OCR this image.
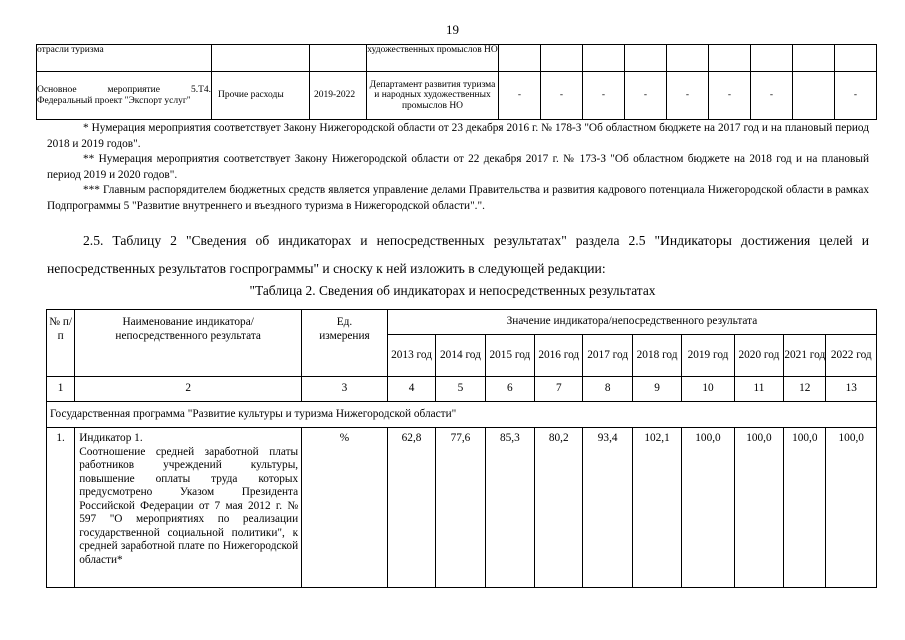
19
отрасли туризма			художественных промыслов НО									
Основное мероприятие 5.Т4. Федеральный проект "Экспорт услуг"	Прочие расходы	2019-2022	Департамент развития туризма и народных художественных промыслов НО	-	-	-	-	-	-	-		-
* Нумерация мероприятия соответствует Закону Нижегородской области от 23 декабря 2016 г. № 178-З "Об областном бюджете на 2017 год и на плановый период 2018 и 2019 годов".
** Нумерация мероприятия соответствует Закону Нижегородской области от 22 декабря 2017 г. № 173-З "Об областном бюджете на 2018 год и на плановый период 2019 и 2020 годов".
*** Главным распорядителем бюджетных средств является управление делами Правительства и развития кадрового потенциала Нижегородской области в рамках Подпрограммы 5 "Развитие внутреннего и въездного туризма в Нижегородской области".".
2.5. Таблицу 2 "Сведения об индикаторах и непосредственных результатах" раздела 2.5 "Индикаторы достижения целей и непосредственных результатов госпрограммы" и сноску к ней изложить в следующей редакции:
"Таблица 2. Сведения об индикаторах и непосредственных результатах
№ п/п	Наименование индикатора/непосредственного результата	Ед. измерения	Значение индикатора/непосредственного результата									
			2013 год	2014 год	2015 год	2016 год	2017 год	2018 год	2019 год	2020 год	2021 год	2022 год
1	2	3	4	5	6	7	8	9	10	11	12	13
Государственная программа "Развитие культуры и туризма Нижегородской области"												
1.	Индикатор 1.
Соотношение средней заработной платы работников учреждений культуры, повышение оплаты труда которых предусмотрено Указом Президента Российской Федерации от 7 мая 2012 г. № 597 "О мероприятиях по реализации государственной социальной политики", к средней заработной плате по Нижегородской области*	%	62,8	77,6	85,3	80,2	93,4	102,1	100,0	100,0	100,0	100,0
